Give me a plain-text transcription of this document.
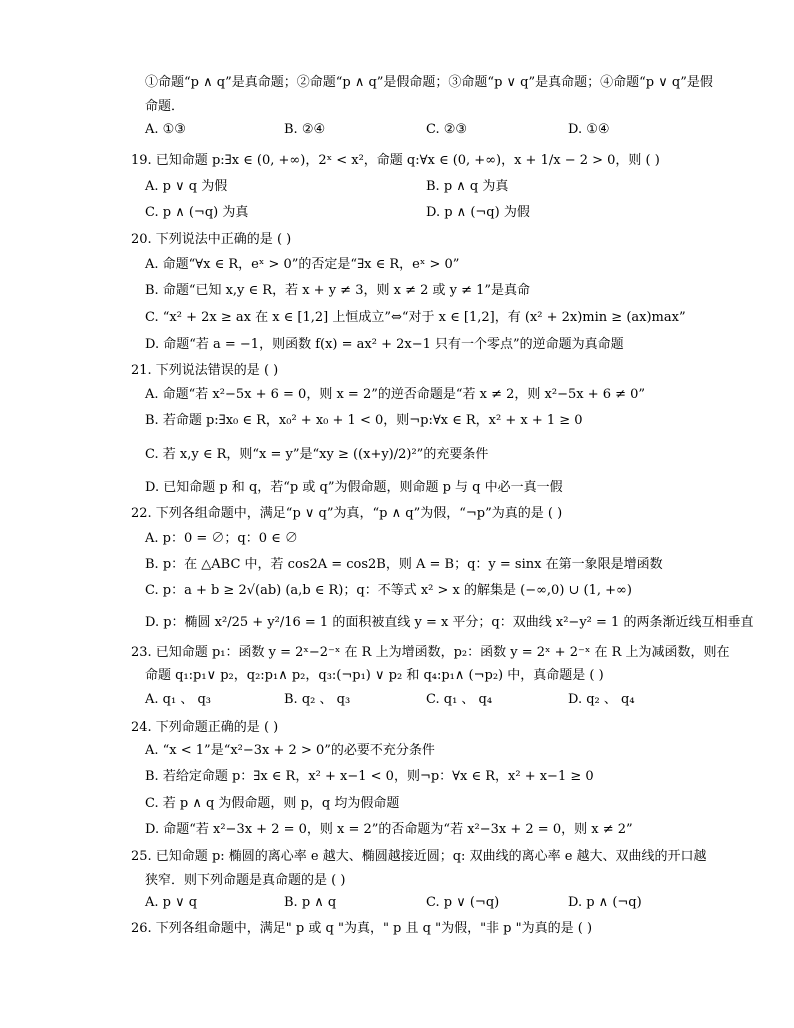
①命题“p ∧ q”是真命题；②命题“p ∧ q”是假命题；③命题“p ∨ q”是真命题；④命题“p ∨ q”是假
命题．
A. ①③	B. ②④	C. ②③	D. ①④
19. 已知命题 p:∃x ∈ (0, +∞)，2ˣ < x²，命题 q:∀x ∈ (0, +∞)，x + 1/x − 2 > 0，则 ( )
A. p ∨ q 为假	B. p ∧ q 为真
C. p ∧ (¬q) 为真	D. p ∧ (¬q) 为假
20. 下列说法中正确的是 ( )
A. 命题“∀x ∈ R，eˣ > 0”的否定是“∃x ∈ R，eˣ > 0”
B. 命题“已知 x,y ∈ R，若 x + y ≠ 3，则 x ≠ 2 或 y ≠ 1”是真命
C. “x² + 2x ≥ ax 在 x ∈ [1,2] 上恒成立”⇔“对于 x ∈ [1,2]，有 (x² + 2x)min ≥ (ax)max”
D. 命题“若 a = −1，则函数 f(x) = ax² + 2x−1 只有一个零点”的逆命题为真命题
21. 下列说法错误的是 ( )
A. 命题“若 x²−5x + 6 = 0，则 x = 2”的逆否命题是“若 x ≠ 2，则 x²−5x + 6 ≠ 0”
B. 若命题 p:∃x₀ ∈ R，x₀² + x₀ + 1 < 0，则¬p:∀x ∈ R，x² + x + 1 ≥ 0
C. 若 x,y ∈ R，则“x = y”是“xy ≥ ((x+y)/2)²”的充要条件
D. 已知命题 p 和 q，若“p 或 q”为假命题，则命题 p 与 q 中必一真一假
22. 下列各组命题中，满足“p ∨ q”为真，“p ∧ q”为假，“¬p”为真的是 ( )
A. p：0 = ∅；q：0 ∈ ∅
B. p：在 △ABC 中，若 cos2A = cos2B，则 A = B；q：y = sinx 在第一象限是增函数
C. p：a + b ≥ 2√(ab) (a,b ∈ R)；q：不等式 x² > x 的解集是 (−∞,0) ∪ (1, +∞)
D. p：椭圆 x²/25 + y²/16 = 1 的面积被直线 y = x 平分；q：双曲线 x²−y² = 1 的两条渐近线互相垂直
23. 已知命题 p₁：函数 y = 2ˣ−2⁻ˣ 在 R 上为增函数，p₂：函数 y = 2ˣ + 2⁻ˣ 在 R 上为减函数，则在
命题 q₁:p₁∨ p₂，q₂:p₁∧ p₂，q₃:(¬p₁) ∨ p₂ 和 q₄:p₁∧ (¬p₂) 中，真命题是 ( )
A. q₁ 、 q₃	B. q₂ 、 q₃	C. q₁ 、 q₄	D. q₂ 、 q₄
24. 下列命题正确的是 ( )
A. “x < 1”是“x²−3x + 2 > 0”的必要不充分条件
B. 若给定命题 p：∃x ∈ R，x² + x−1 < 0，则¬p：∀x ∈ R，x² + x−1 ≥ 0
C. 若 p ∧ q 为假命题，则 p，q 均为假命题
D. 命题“若 x²−3x + 2 = 0，则 x = 2”的否命题为“若 x²−3x + 2 = 0，则 x ≠ 2”
25. 已知命题 p: 椭圆的离心率 e 越大、椭圆越接近圆；q: 双曲线的离心率 e 越大、双曲线的开口越
狭窄．则下列命题是真命题的是 ( )
A. p ∨ q	B. p ∧ q	C. p ∨ (¬q)	D. p ∧ (¬q)
26. 下列各组命题中，满足" p 或 q "为真，" p 且 q "为假，"非 p "为真的是 ( )
